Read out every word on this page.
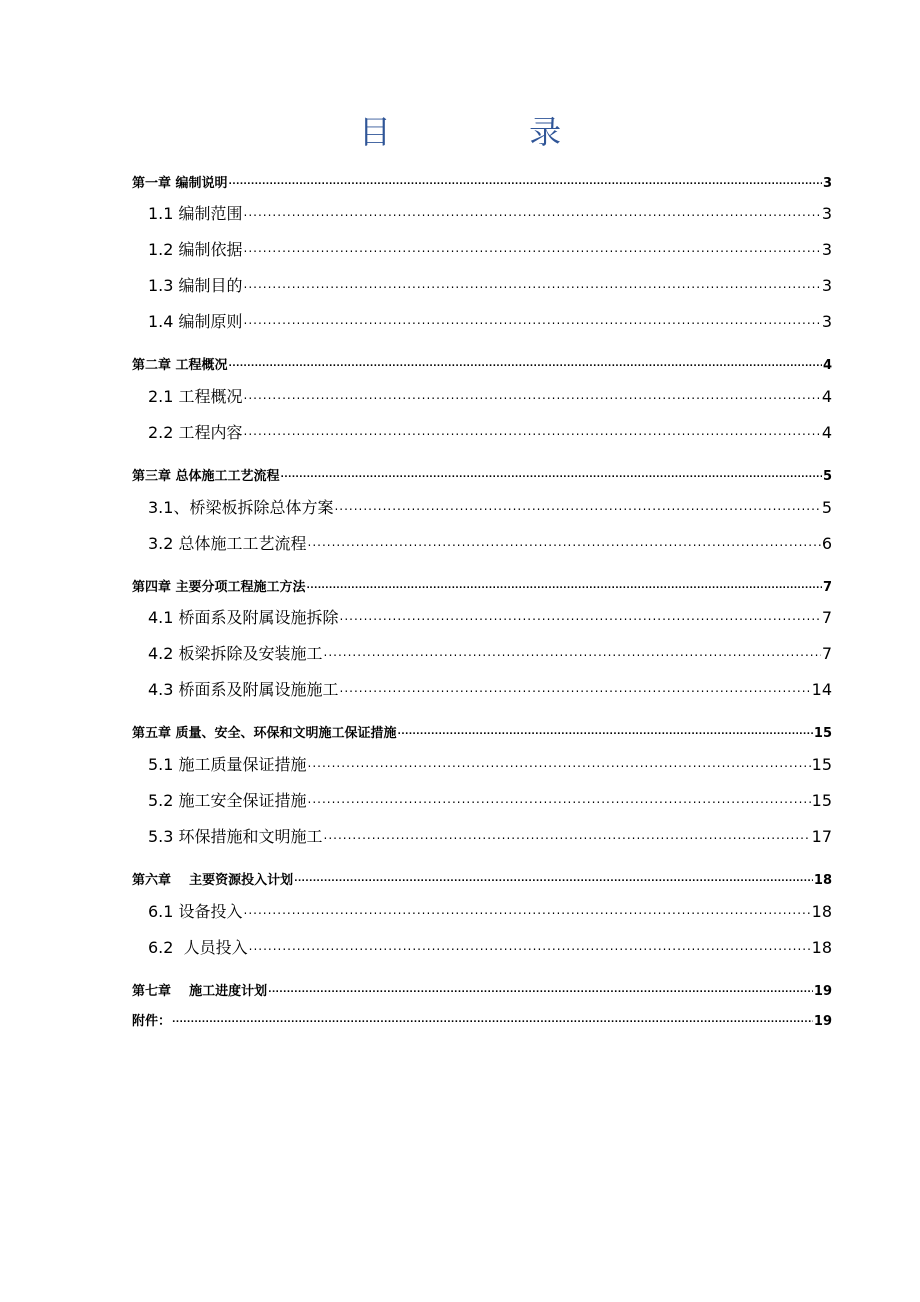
目 录
第一章 编制说明 .....	3
1.1 编制范围 .....	3
1.2 编制依据 .....	3
1.3 编制目的 .....	3
1.4 编制原则 .....	3
第二章 工程概况 .....	4
2.1 工程概况 .....	4
2.2 工程内容 .....	4
第三章 总体施工工艺流程 .....	5
3.1、桥梁板拆除总体方案 .....	5
3.2 总体施工工艺流程 .....	6
第四章 主要分项工程施工方法 .....	7
4.1 桥面系及附属设施拆除 .....	7
4.2 板梁拆除及安装施工 .....	7
4.3 桥面系及附属设施施工 .....	14
第五章 质量、安全、环保和文明施工保证措施 .....	15
5.1 施工质量保证措施 .....	15
5.2 施工安全保证措施 .....	15
5.3 环保措施和文明施工 .....	17
第六章    主要资源投入计划 .....	18
6.1 设备投入 .....	18
6.2  人员投入 .....	18
第七章    施工进度计划 .....	19
附件： .....	19
